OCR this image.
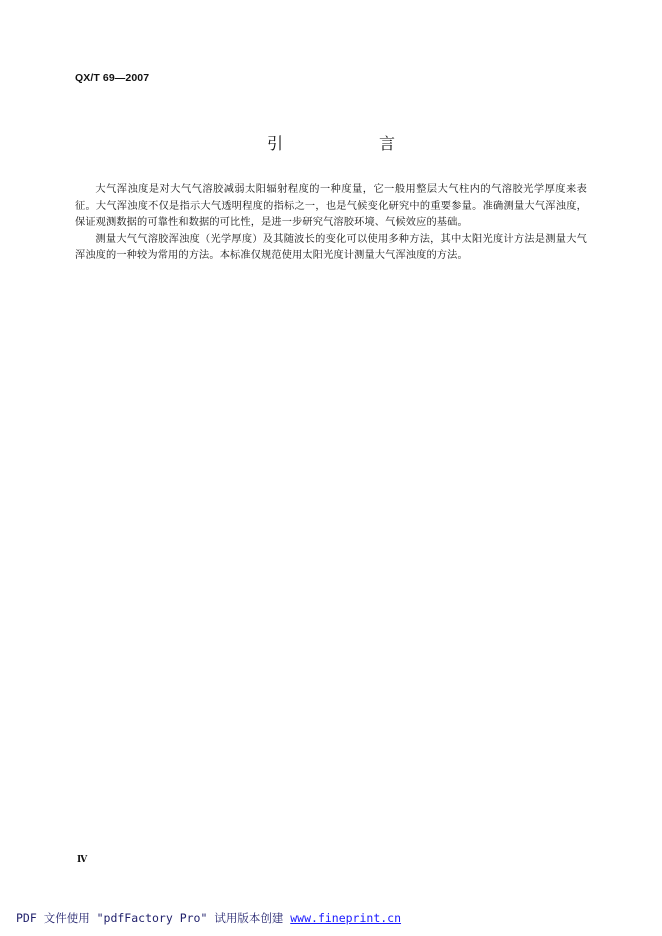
QX/T 69—2007
引　言

大气浑浊度是对大气气溶胶减弱太阳辐射程度的一种度量，它一般用整层大气柱内的气溶胶光学厚度来表征。大气浑浊度不仅是指示大气透明程度的指标之一，也是气候变化研究中的重要参量。准确测量大气浑浊度，保证观测数据的可靠性和数据的可比性，是进一步研究气溶胶环境、气候效应的基础。

测量大气气溶胶浑浊度（光学厚度）及其随波长的变化可以使用多种方法，其中太阳光度计方法是测量大气浑浊度的一种较为常用的方法。本标准仅规范使用太阳光度计测量大气浑浊度的方法。

Ⅳ
PDF 文件使用 "pdfFactory Pro" 试用版本创建 www.fineprint.cn
